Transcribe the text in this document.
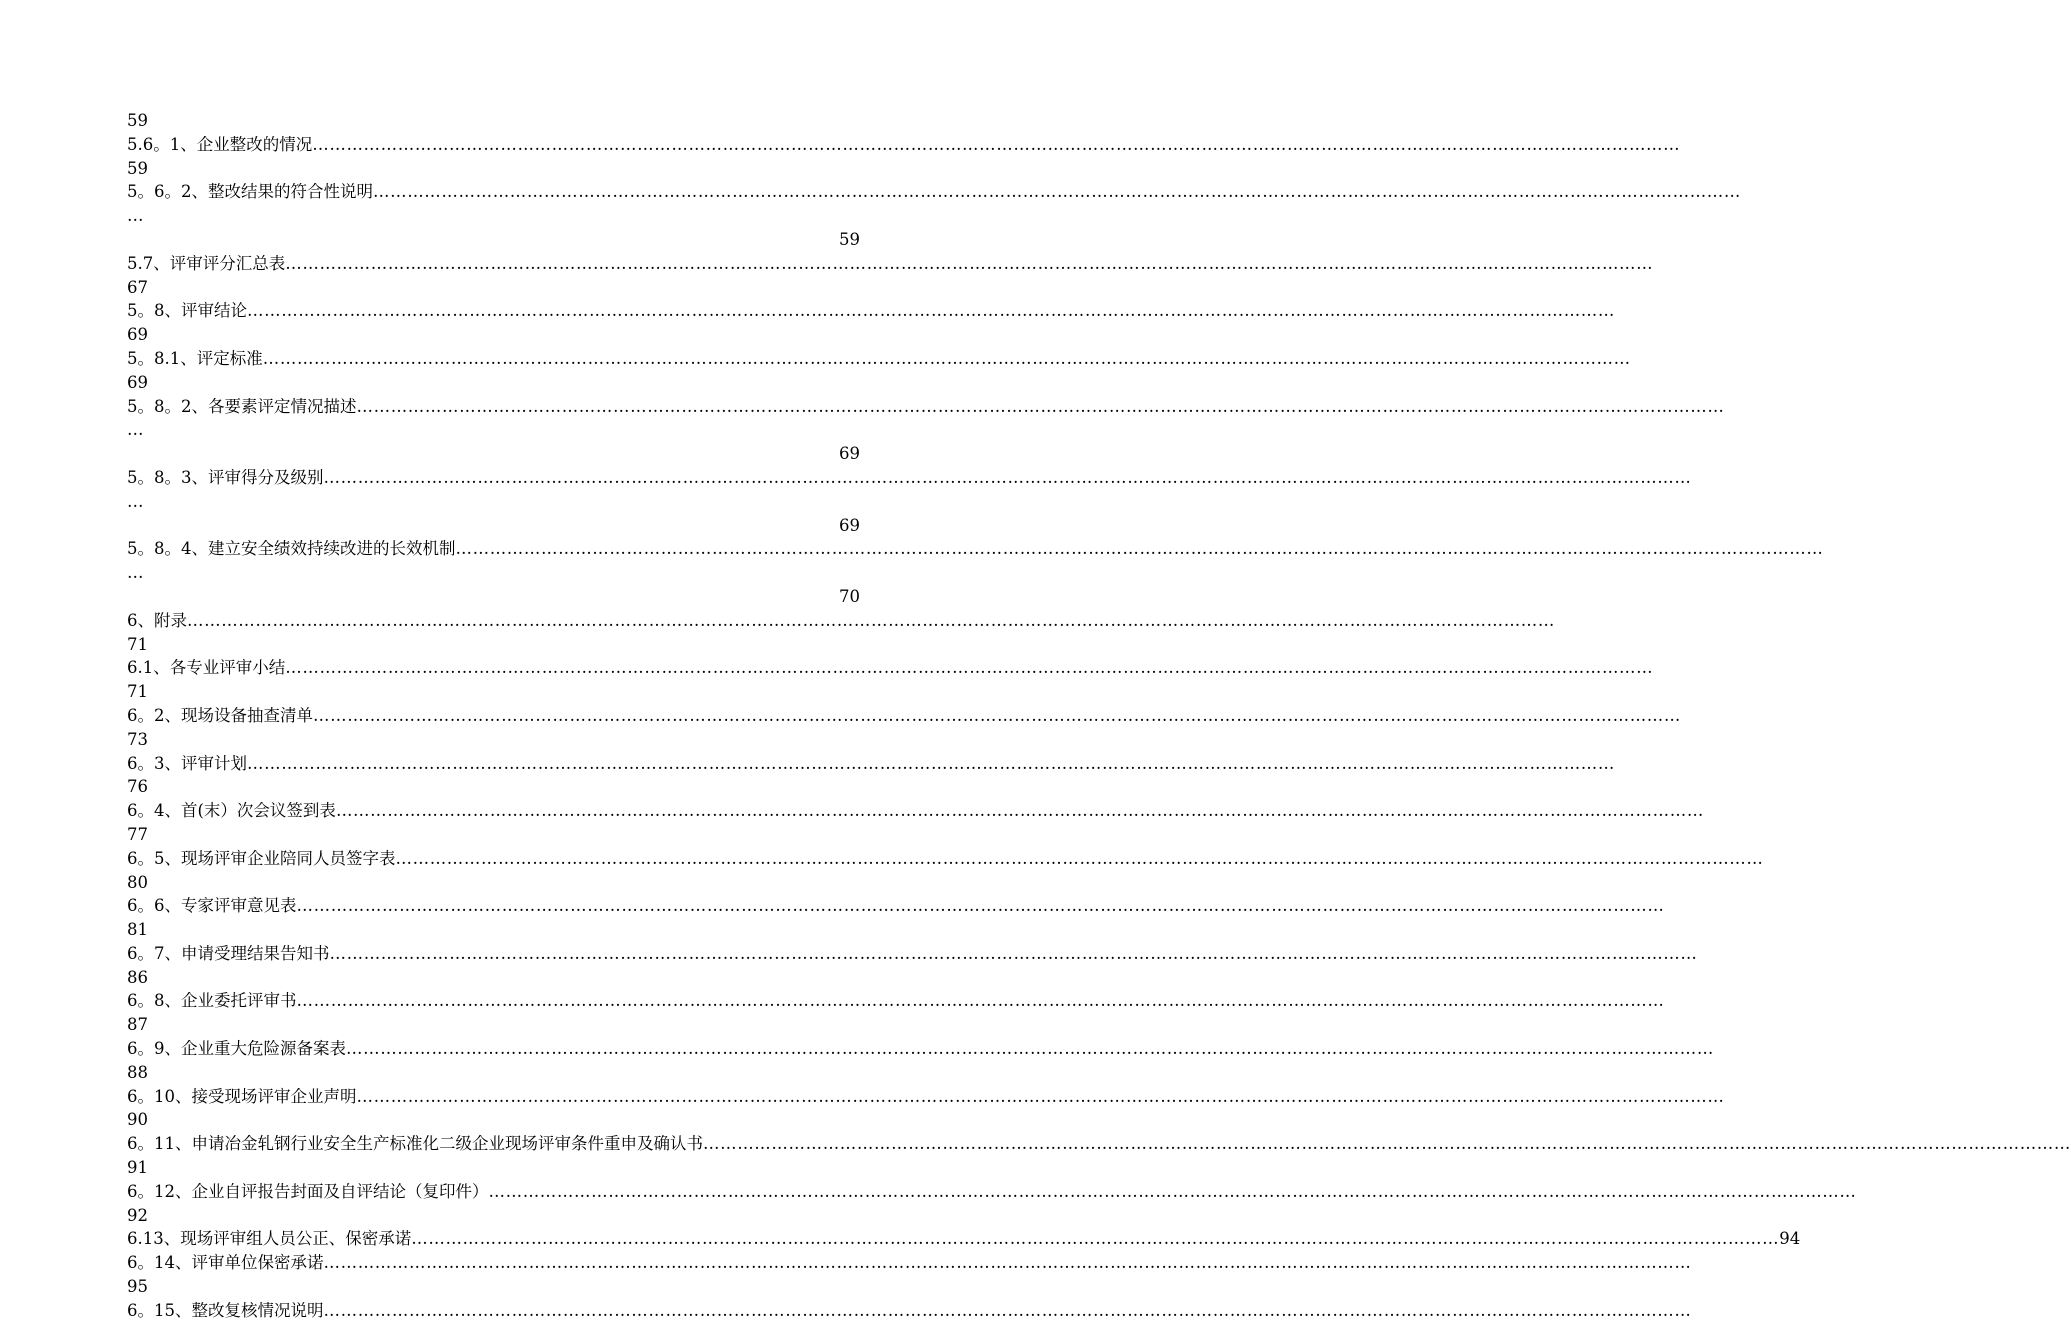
59
5.6。1、企业整改的情况 ……………………………………………………………………………………………………………………………………………………………………………………………………………………
59
5。6。2、整改结果的符合性说明 ……………………………………………………………………………………………………………………………………………………………………………………………………………………
…
59
5.7、评审评分汇总表 ……………………………………………………………………………………………………………………………………………………………………………………………………………………
67
5。8、评审结论 ……………………………………………………………………………………………………………………………………………………………………………………………………………………
69
5。8.1、评定标准 ……………………………………………………………………………………………………………………………………………………………………………………………………………………
69
5。8。2、各要素评定情况描述 ……………………………………………………………………………………………………………………………………………………………………………………………………………………
…
69
5。8。3、评审得分及级别 ……………………………………………………………………………………………………………………………………………………………………………………………………………………
…
69
5。8。4、建立安全绩效持续改进的长效机制 ……………………………………………………………………………………………………………………………………………………………………………………………………………………
…
70
6、附录 ……………………………………………………………………………………………………………………………………………………………………………………………………………………
71
6.1、各专业评审小结 ……………………………………………………………………………………………………………………………………………………………………………………………………………………
71
6。2、现场设备抽查清单 ……………………………………………………………………………………………………………………………………………………………………………………………………………………
73
6。3、评审计划 ……………………………………………………………………………………………………………………………………………………………………………………………………………………
76
6。4、首(末）次会议签到表 ……………………………………………………………………………………………………………………………………………………………………………………………………………………
77
6。5、现场评审企业陪同人员签字表 ……………………………………………………………………………………………………………………………………………………………………………………………………………………
80
6。6、专家评审意见表 ……………………………………………………………………………………………………………………………………………………………………………………………………………………
81
6。7、申请受理结果告知书 ……………………………………………………………………………………………………………………………………………………………………………………………………………………
86
6。8、企业委托评审书 ……………………………………………………………………………………………………………………………………………………………………………………………………………………
87
6。9、企业重大危险源备案表 ……………………………………………………………………………………………………………………………………………………………………………………………………………………
88
6。10、接受现场评审企业声明 ……………………………………………………………………………………………………………………………………………………………………………………………………………………
90
6。11、申请冶金轧钢行业安全生产标准化二级企业现场评审条件重申及确认书 ……………………………………………………………………………………………………………………………………………………………………………………………………………………
91
6。12、企业自评报告封面及自评结论（复印件） ……………………………………………………………………………………………………………………………………………………………………………………………………………………
92
6.13、现场评审组人员公正、保密承诺 …………………………………………………………………………………………………………………………………………………………………………………………………………………… 94
6。14、评审单位保密承诺 ……………………………………………………………………………………………………………………………………………………………………………………………………………………
95
6。15、整改复核情况说明 ……………………………………………………………………………………………………………………………………………………………………………………………………………………
